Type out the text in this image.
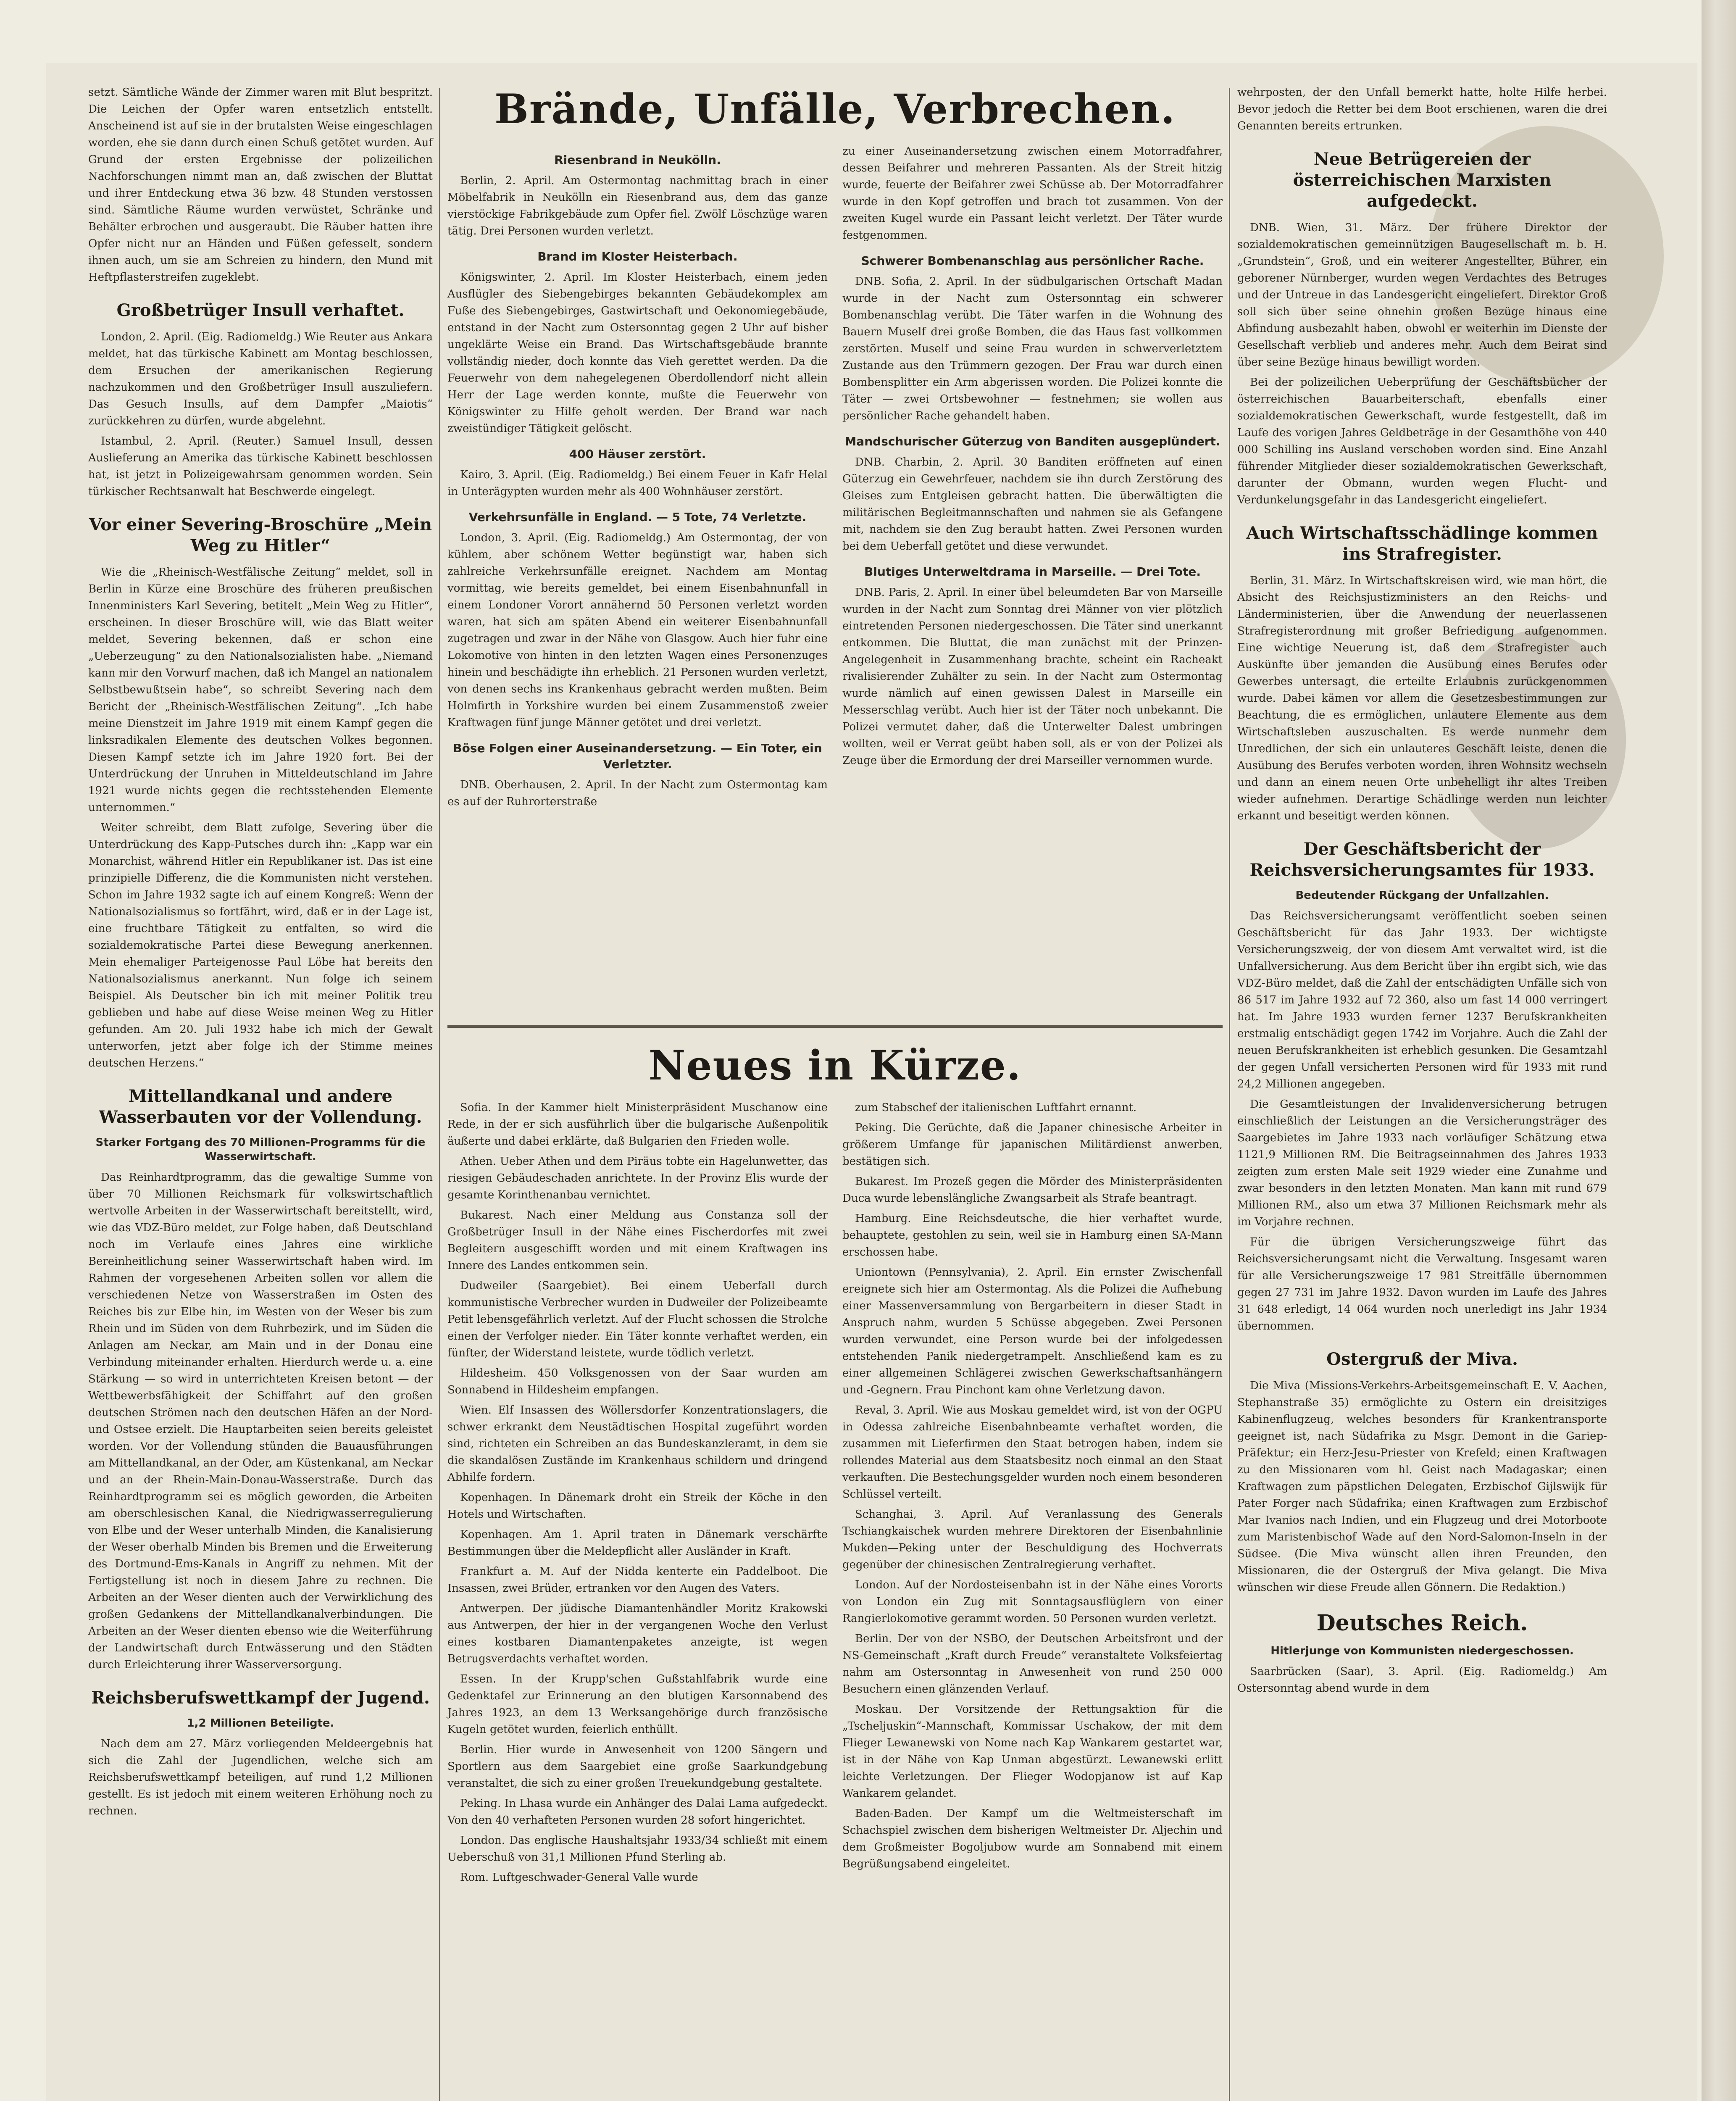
setzt. Sämtliche Wände der Zimmer waren mit Blut bespritzt. Die Leichen der Opfer waren entsetzlich entstellt. Anscheinend ist auf sie in der brutalsten Weise eingeschlagen worden, ehe sie dann durch einen Schuß getötet wurden. Auf Grund der ersten Ergebnisse der polizeilichen Nachforschungen nimmt man an, daß zwischen der Bluttat und ihrer Entdeckung etwa 36 bzw. 48 Stunden verstossen sind. Sämtliche Räume wurden verwüstet, Schränke und Behälter erbrochen und ausgeraubt. Die Räuber hatten ihre Opfer nicht nur an Händen und Füßen gefesselt, sondern ihnen auch, um sie am Schreien zu hindern, den Mund mit Heftpflasterstreifen zugeklebt.

Großbetrüger Insull verhaftet.

London, 2. April. (Eig. Radiomeldg.) Wie Reuter aus Ankara meldet, hat das türkische Kabinett am Montag beschlossen, dem Ersuchen der amerikanischen Regierung nachzukommen und den Großbetrüger Insull auszuliefern. Das Gesuch Insulls, auf dem Dampfer „Maiotis“ zurückkehren zu dürfen, wurde abgelehnt.

Istambul, 2. April. (Reuter.) Samuel Insull, dessen Auslieferung an Amerika das türkische Kabinett beschlossen hat, ist jetzt in Polizeigewahrsam genommen worden. Sein türkischer Rechtsanwalt hat Beschwerde eingelegt.

Vor einer Severing-Broschüre „Mein Weg zu Hitler“

Wie die „Rheinisch-Westfälische Zeitung“ meldet, soll in Berlin in Kürze eine Broschüre des früheren preußischen Innenministers Karl Severing, betitelt „Mein Weg zu Hitler“, erscheinen. In dieser Broschüre will, wie das Blatt weiter meldet, Severing bekennen, daß er schon eine „Ueberzeugung“ zu den Nationalsozialisten habe. „Niemand kann mir den Vorwurf machen, daß ich Mangel an nationalem Selbstbewußtsein habe“, so schreibt Severing nach dem Bericht der „Rheinisch-Westfälischen Zeitung“. „Ich habe meine Dienstzeit im Jahre 1919 mit einem Kampf gegen die linksradikalen Elemente des deutschen Volkes begonnen. Diesen Kampf setzte ich im Jahre 1920 fort. Bei der Unterdrückung der Unruhen in Mitteldeutschland im Jahre 1921 wurde nichts gegen die rechtsstehenden Elemente unternommen.“

Weiter schreibt, dem Blatt zufolge, Severing über die Unterdrückung des Kapp-Putsches durch ihn: „Kapp war ein Monarchist, während Hitler ein Republikaner ist. Das ist eine prinzipielle Differenz, die die Kommunisten nicht verstehen. Schon im Jahre 1932 sagte ich auf einem Kongreß: Wenn der Nationalsozialismus so fortfährt, wird, daß er in der Lage ist, eine fruchtbare Tätigkeit zu entfalten, so wird die sozialdemokratische Partei diese Bewegung anerkennen. Mein ehemaliger Parteigenosse Paul Löbe hat bereits den Nationalsozialismus anerkannt. Nun folge ich seinem Beispiel. Als Deutscher bin ich mit meiner Politik treu geblieben und habe auf diese Weise meinen Weg zu Hitler gefunden. Am 20. Juli 1932 habe ich mich der Gewalt unterworfen, jetzt aber folge ich der Stimme meines deutschen Herzens.“

Mittellandkanal und andere Wasserbauten vor der Vollendung.
Starker Fortgang des 70 Millionen-Programms für die Wasserwirtschaft.

Das Reinhardtprogramm, das die gewaltige Summe von über 70 Millionen Reichsmark für volkswirtschaftlich wertvolle Arbeiten in der Wasserwirtschaft bereitstellt, wird, wie das VDZ-Büro meldet, zur Folge haben, daß Deutschland noch im Verlaufe eines Jahres eine wirkliche Bereinheitlichung seiner Wasserwirtschaft haben wird. Im Rahmen der vorgesehenen Arbeiten sollen vor allem die verschiedenen Netze von Wasserstraßen im Osten des Reiches bis zur Elbe hin, im Westen von der Weser bis zum Rhein und im Süden von dem Ruhrbezirk, und im Süden die Anlagen am Neckar, am Main und in der Donau eine Verbindung miteinander erhalten. Hierdurch werde u. a. eine Stärkung — so wird in unterrichteten Kreisen betont — der Wettbewerbsfähigkeit der Schiffahrt auf den großen deutschen Strömen nach den deutschen Häfen an der Nord- und Ostsee erzielt. Die Hauptarbeiten seien bereits geleistet worden. Vor der Vollendung stünden die Bauausführungen am Mittellandkanal, an der Oder, am Küstenkanal, am Neckar und an der Rhein-Main-Donau-Wasserstraße. Durch das Reinhardtprogramm sei es möglich geworden, die Arbeiten am oberschlesischen Kanal, die Niedrigwasserregulierung von Elbe und der Weser unterhalb Minden, die Kanalisierung der Weser oberhalb Minden bis Bremen und die Erweiterung des Dortmund-Ems-Kanals in Angriff zu nehmen. Mit der Fertigstellung ist noch in diesem Jahre zu rechnen. Die Arbeiten an der Weser dienten auch der Verwirklichung des großen Gedankens der Mittellandkanalverbindungen. Die Arbeiten an der Weser dienten ebenso wie die Weiterführung der Landwirtschaft durch Entwässerung und den Städten durch Erleichterung ihrer Wasserversorgung.

Reichsberufswettkampf der Jugend.
1,2 Millionen Beteiligte.

Nach dem am 27. März vorliegenden Meldeergebnis hat sich die Zahl der Jugendlichen, welche sich am Reichsberufswettkampf beteiligen, auf rund 1,2 Millionen gestellt. Es ist jedoch mit einem weiteren Erhöhung noch zu rechnen.

Brände, Unfälle, Verbrechen.
Riesenbrand in Neukölln.

Berlin, 2. April. Am Ostermontag nachmittag brach in einer Möbelfabrik in Neukölln ein Riesenbrand aus, dem das ganze vierstöckige Fabrikgebäude zum Opfer fiel. Zwölf Löschzüge waren tätig. Drei Personen wurden verletzt.

Brand im Kloster Heisterbach.

Königswinter, 2. April. Im Kloster Heisterbach, einem jeden Ausflügler des Siebengebirges bekannten Gebäudekomplex am Fuße des Siebengebirges, Gastwirtschaft und Oekonomiegebäude, entstand in der Nacht zum Ostersonntag gegen 2 Uhr auf bisher ungeklärte Weise ein Brand. Das Wirtschaftsgebäude brannte vollständig nieder, doch konnte das Vieh gerettet werden. Da die Feuerwehr von dem nahegelegenen Oberdollendorf nicht allein Herr der Lage werden konnte, mußte die Feuerwehr von Königswinter zu Hilfe geholt werden. Der Brand war nach zweistündiger Tätigkeit gelöscht.

400 Häuser zerstört.

Kairo, 3. April. (Eig. Radiomeldg.) Bei einem Feuer in Kafr Helal in Unterägypten wurden mehr als 400 Wohnhäuser zerstört.

Verkehrsunfälle in England. — 5 Tote, 74 Verletzte.

London, 3. April. (Eig. Radiomeldg.) Am Ostermontag, der von kühlem, aber schönem Wetter begünstigt war, haben sich zahlreiche Verkehrsunfälle ereignet. Nachdem am Montag vormittag, wie bereits gemeldet, bei einem Eisenbahnunfall in einem Londoner Vorort annähernd 50 Personen verletzt worden waren, hat sich am späten Abend ein weiterer Eisenbahnunfall zugetragen und zwar in der Nähe von Glasgow. Auch hier fuhr eine Lokomotive von hinten in den letzten Wagen eines Personenzuges hinein und beschädigte ihn erheblich. 21 Personen wurden verletzt, von denen sechs ins Krankenhaus gebracht werden mußten. Beim Holmfirth in Yorkshire wurden bei einem Zusammenstoß zweier Kraftwagen fünf junge Männer getötet und drei verletzt.

Böse Folgen einer Auseinandersetzung. — Ein Toter, ein Verletzter.

DNB. Oberhausen, 2. April. In der Nacht zum Ostermontag kam es auf der Ruhrorterstraße

zu einer Auseinandersetzung zwischen einem Motorradfahrer, dessen Beifahrer und mehreren Passanten. Als der Streit hitzig wurde, feuerte der Beifahrer zwei Schüsse ab. Der Motorradfahrer wurde in den Kopf getroffen und brach tot zusammen. Von der zweiten Kugel wurde ein Passant leicht verletzt. Der Täter wurde festgenommen.

Schwerer Bombenanschlag aus persönlicher Rache.

DNB. Sofia, 2. April. In der südbulgarischen Ortschaft Madan wurde in der Nacht zum Ostersonntag ein schwerer Bombenanschlag verübt. Die Täter warfen in die Wohnung des Bauern Muself drei große Bomben, die das Haus fast vollkommen zerstörten. Muself und seine Frau wurden in schwerverletztem Zustande aus den Trümmern gezogen. Der Frau war durch einen Bombensplitter ein Arm abgerissen worden. Die Polizei konnte die Täter — zwei Ortsbewohner — festnehmen; sie wollen aus persönlicher Rache gehandelt haben.

Mandschurischer Güterzug von Banditen ausgeplündert.

DNB. Charbin, 2. April. 30 Banditen eröffneten auf einen Güterzug ein Gewehrfeuer, nachdem sie ihn durch Zerstörung des Gleises zum Entgleisen gebracht hatten. Die überwältigten die militärischen Begleitmannschaften und nahmen sie als Gefangene mit, nachdem sie den Zug beraubt hatten. Zwei Personen wurden bei dem Ueberfall getötet und diese verwundet.

Blutiges Unterweltdrama in Marseille. — Drei Tote.

DNB. Paris, 2. April. In einer übel beleumdeten Bar von Marseille wurden in der Nacht zum Sonntag drei Männer von vier plötzlich eintretenden Personen niedergeschossen. Die Täter sind unerkannt entkommen. Die Bluttat, die man zunächst mit der Prinzen-Angelegenheit in Zusammenhang brachte, scheint ein Racheakt rivalisierender Zuhälter zu sein. In der Nacht zum Ostermontag wurde nämlich auf einen gewissen Dalest in Marseille ein Messerschlag verübt. Auch hier ist der Täter noch unbekannt. Die Polizei vermutet daher, daß die Unterwelter Dalest umbringen wollten, weil er Verrat geübt haben soll, als er von der Polizei als Zeuge über die Ermordung der drei Marseiller vernommen wurde.

Neues in Kürze.

Sofia. In der Kammer hielt Ministerpräsident Muschanow eine Rede, in der er sich ausführlich über die bulgarische Außenpolitik äußerte und dabei erklärte, daß Bulgarien den Frieden wolle.

Athen. Ueber Athen und dem Piräus tobte ein Hagelunwetter, das riesigen Gebäudeschaden anrichtete. In der Provinz Elis wurde der gesamte Korinthenanbau vernichtet.

Bukarest. Nach einer Meldung aus Constanza soll der Großbetrüger Insull in der Nähe eines Fischerdorfes mit zwei Begleitern ausgeschifft worden und mit einem Kraftwagen ins Innere des Landes entkommen sein.

Dudweiler (Saargebiet). Bei einem Ueberfall durch kommunistische Verbrecher wurden in Dudweiler der Polizeibeamte Petit lebensgefährlich verletzt. Auf der Flucht schossen die Strolche einen der Verfolger nieder. Ein Täter konnte verhaftet werden, ein fünfter, der Widerstand leistete, wurde tödlich verletzt.

Hildesheim. 450 Volksgenossen von der Saar wurden am Sonnabend in Hildesheim empfangen.

Wien. Elf Insassen des Wöllersdorfer Konzentrationslagers, die schwer erkrankt dem Neustädtischen Hospital zugeführt worden sind, richteten ein Schreiben an das Bundeskanzleramt, in dem sie die skandalösen Zustände im Krankenhaus schildern und dringend Abhilfe fordern.

Kopenhagen. In Dänemark droht ein Streik der Köche in den Hotels und Wirtschaften.

Kopenhagen. Am 1. April traten in Dänemark verschärfte Bestimmungen über die Meldepflicht aller Ausländer in Kraft.

Frankfurt a. M. Auf der Nidda kenterte ein Paddelboot. Die Insassen, zwei Brüder, ertranken vor den Augen des Vaters.

Antwerpen. Der jüdische Diamantenhändler Moritz Krakowski aus Antwerpen, der hier in der vergangenen Woche den Verlust eines kostbaren Diamantenpaketes anzeigte, ist wegen Betrugsverdachts verhaftet worden.

Essen. In der Krupp'schen Gußstahlfabrik wurde eine Gedenktafel zur Erinnerung an den blutigen Karsonnabend des Jahres 1923, an dem 13 Werksangehörige durch französische Kugeln getötet wurden, feierlich enthüllt.

Berlin. Hier wurde in Anwesenheit von 1200 Sängern und Sportlern aus dem Saargebiet eine große Saarkundgebung veranstaltet, die sich zu einer großen Treuekundgebung gestaltete.

Peking. In Lhasa wurde ein Anhänger des Dalai Lama aufgedeckt. Von den 40 verhafteten Personen wurden 28 sofort hingerichtet.

London. Das englische Haushaltsjahr 1933/34 schließt mit einem Ueberschuß von 31,1 Millionen Pfund Sterling ab.

Rom. Luftgeschwader-General Valle wurde

zum Stabschef der italienischen Luftfahrt ernannt.

Peking. Die Gerüchte, daß die Japaner chinesische Arbeiter in größerem Umfange für japanischen Militärdienst anwerben, bestätigen sich.

Bukarest. Im Prozeß gegen die Mörder des Ministerpräsidenten Duca wurde lebenslängliche Zwangsarbeit als Strafe beantragt.

Hamburg. Eine Reichsdeutsche, die hier verhaftet wurde, behauptete, gestohlen zu sein, weil sie in Hamburg einen SA-Mann erschossen habe.

Uniontown (Pennsylvania), 2. April. Ein ernster Zwischenfall ereignete sich hier am Ostermontag. Als die Polizei die Aufhebung einer Massenversammlung von Bergarbeitern in dieser Stadt in Anspruch nahm, wurden 5 Schüsse abgegeben. Zwei Personen wurden verwundet, eine Person wurde bei der infolgedessen entstehenden Panik niedergetrampelt. Anschließend kam es zu einer allgemeinen Schlägerei zwischen Gewerkschaftsanhängern und -Gegnern. Frau Pinchont kam ohne Verletzung davon.

Reval, 3. April. Wie aus Moskau gemeldet wird, ist von der OGPU in Odessa zahlreiche Eisenbahnbeamte verhaftet worden, die zusammen mit Lieferfirmen den Staat betrogen haben, indem sie rollendes Material aus dem Staatsbesitz noch einmal an den Staat verkauften. Die Bestechungsgelder wurden noch einem besonderen Schlüssel verteilt.

Schanghai, 3. April. Auf Veranlassung des Generals Tschiangkaischek wurden mehrere Direktoren der Eisenbahnlinie Mukden—Peking unter der Beschuldigung des Hochverrats gegenüber der chinesischen Zentralregierung verhaftet.

London. Auf der Nordosteisenbahn ist in der Nähe eines Vororts von London ein Zug mit Sonntagsausflüglern von einer Rangierlokomotive gerammt worden. 50 Personen wurden verletzt.

Berlin. Der von der NSBO, der Deutschen Arbeitsfront und der NS-Gemeinschaft „Kraft durch Freude“ veranstaltete Volksfeiertag nahm am Ostersonntag in Anwesenheit von rund 250 000 Besuchern einen glänzenden Verlauf.

Moskau. Der Vorsitzende der Rettungsaktion für die „Tscheljuskin“-Mannschaft, Kommissar Uschakow, der mit dem Flieger Lewanewski von Nome nach Kap Wankarem gestartet war, ist in der Nähe von Kap Unman abgestürzt. Lewanewski erlitt leichte Verletzungen. Der Flieger Wodopjanow ist auf Kap Wankarem gelandet.

Baden-Baden. Der Kampf um die Weltmeisterschaft im Schachspiel zwischen dem bisherigen Weltmeister Dr. Aljechin und dem Großmeister Bogoljubow wurde am Sonnabend mit einem Begrüßungsabend eingeleitet.

wehrposten, der den Unfall bemerkt hatte, holte Hilfe herbei. Bevor jedoch die Retter bei dem Boot erschienen, waren die drei Genannten bereits ertrunken.

Neue Betrügereien der österreichischen Marxisten aufgedeckt.

DNB. Wien, 31. März. Der frühere Direktor der sozialdemokratischen gemeinnützigen Baugesellschaft m. b. H. „Grundstein“, Groß, und ein weiterer Angestellter, Bührer, ein geborener Nürnberger, wurden wegen Verdachtes des Betruges und der Untreue in das Landesgericht eingeliefert. Direktor Groß soll sich über seine ohnehin großen Bezüge hinaus eine Abfindung ausbezahlt haben, obwohl er weiterhin im Dienste der Gesellschaft verblieb und anderes mehr. Auch dem Beirat sind über seine Bezüge hinaus bewilligt worden.

Bei der polizeilichen Ueberprüfung der Geschäftsbücher der österreichischen Bauarbeiterschaft, ebenfalls einer sozialdemokratischen Gewerkschaft, wurde festgestellt, daß im Laufe des vorigen Jahres Geldbeträge in der Gesamthöhe von 440 000 Schilling ins Ausland verschoben worden sind. Eine Anzahl führender Mitglieder dieser sozialdemokratischen Gewerkschaft, darunter der Obmann, wurden wegen Flucht- und Verdunkelungsgefahr in das Landesgericht eingeliefert.

Auch Wirtschaftsschädlinge kommen ins Strafregister.

Berlin, 31. März. In Wirtschaftskreisen wird, wie man hört, die Absicht des Reichsjustizministers an den Reichs- und Länderministerien, über die Anwendung der neuerlassenen Strafregisterordnung mit großer Befriedigung aufgenommen. Eine wichtige Neuerung ist, daß dem Strafregister auch Auskünfte über jemanden die Ausübung eines Berufes oder Gewerbes untersagt, die erteilte Erlaubnis zurückgenommen wurde. Dabei kämen vor allem die Gesetzesbestimmungen zur Beachtung, die es ermöglichen, unlautere Elemente aus dem Wirtschaftsleben auszuschalten. Es werde nunmehr dem Unredlichen, der sich ein unlauteres Geschäft leiste, denen die Ausübung des Berufes verboten worden, ihren Wohnsitz wechseln und dann an einem neuen Orte unbehelligt ihr altes Treiben wieder aufnehmen. Derartige Schädlinge werden nun leichter erkannt und beseitigt werden können.

Der Geschäftsbericht der Reichsversicherungsamtes für 1933.
Bedeutender Rückgang der Unfallzahlen.

Das Reichsversicherungsamt veröffentlicht soeben seinen Geschäftsbericht für das Jahr 1933. Der wichtigste Versicherungszweig, der von diesem Amt verwaltet wird, ist die Unfallversicherung. Aus dem Bericht über ihn ergibt sich, wie das VDZ-Büro meldet, daß die Zahl der entschädigten Unfälle sich von 86 517 im Jahre 1932 auf 72 360, also um fast 14 000 verringert hat. Im Jahre 1933 wurden ferner 1237 Berufskrankheiten erstmalig entschädigt gegen 1742 im Vorjahre. Auch die Zahl der neuen Berufskrankheiten ist erheblich gesunken. Die Gesamtzahl der gegen Unfall versicherten Personen wird für 1933 mit rund 24,2 Millionen angegeben.

Die Gesamtleistungen der Invalidenversicherung betrugen einschließlich der Leistungen an die Versicherungsträger des Saargebietes im Jahre 1933 nach vorläufiger Schätzung etwa 1121,9 Millionen RM. Die Beitragseinnahmen des Jahres 1933 zeigten zum ersten Male seit 1929 wieder eine Zunahme und zwar besonders in den letzten Monaten. Man kann mit rund 679 Millionen RM., also um etwa 37 Millionen Reichsmark mehr als im Vorjahre rechnen.

Für die übrigen Versicherungszweige führt das Reichsversicherungsamt nicht die Verwaltung. Insgesamt waren für alle Versicherungszweige 17 981 Streitfälle übernommen gegen 27 731 im Jahre 1932. Davon wurden im Laufe des Jahres 31 648 erledigt, 14 064 wurden noch unerledigt ins Jahr 1934 übernommen.

Ostergruß der Miva.

Die Miva (Missions-Verkehrs-Arbeitsgemeinschaft E. V. Aachen, Stephanstraße 35) ermöglichte zu Ostern ein dreisitziges Kabinenflugzeug, welches besonders für Krankentransporte geeignet ist, nach Südafrika zu Msgr. Demont in die Gariep-Präfektur; ein Herz-Jesu-Priester von Krefeld; einen Kraftwagen zu den Missionaren vom hl. Geist nach Madagaskar; einen Kraftwagen zum päpstlichen Delegaten, Erzbischof Gijlswijk für Pater Forger nach Südafrika; einen Kraftwagen zum Erzbischof Mar Ivanios nach Indien, und ein Flugzeug und drei Motorboote zum Maristenbischof Wade auf den Nord-Salomon-Inseln in der Südsee. (Die Miva wünscht allen ihren Freunden, den Missionaren, die der Ostergruß der Miva gelangt. Die Miva wünschen wir diese Freude allen Gönnern. Die Redaktion.)

Deutsches Reich.
Hitlerjunge von Kommunisten niedergeschossen.

Saarbrücken (Saar), 3. April. (Eig. Radiomeldg.) Am Ostersonntag abend wurde in dem
